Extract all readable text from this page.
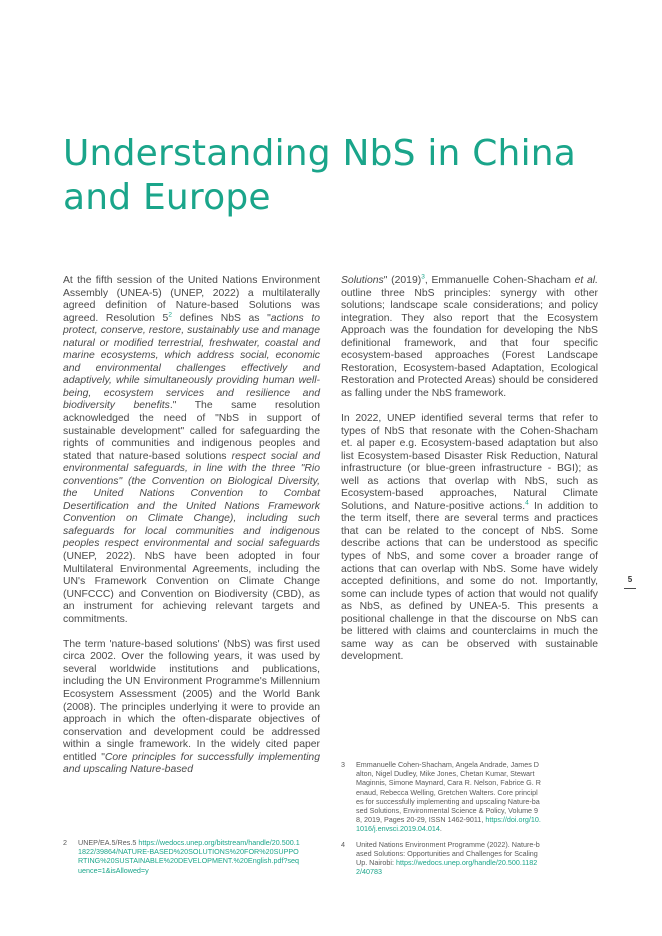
Understanding NbS in China
and Europe

At the fifth session of the United Nations Environment Assembly (UNEA-5) (UNEP, 2022) a multilaterally agreed definition of Nature-based Solutions was agreed. Resolution $5^2$ defines NbS as "actions to protect, conserve, restore, sustainably use and manage natural or modified terrestrial, freshwater, coastal and marine ecosystems, which address social, economic and environmental challenges effectively and adaptively, while simultaneously providing human well-being, ecosystem services and resilience and biodiversity benefits." The same resolution acknowledged the need of "NbS in support of sustainable development" called for safeguarding the rights of communities and indigenous peoples and stated that nature-based solutions respect social and environmental safeguards, in line with the three "Rio conventions" (the Convention on Biological Diversity, the United Nations Convention to Combat Desertification and the United Nations Framework Convention on Climate Change), including such safeguards for local communities and indigenous peoples respect environmental and social safeguards (UNEP, 2022). NbS have been adopted in four Multilateral Environmental Agreements, including the UN's Framework Convention on Climate Change (UNFCCC) and Convention on Biodiversity (CBD), as an instrument for achieving relevant targets and commitments.

The term 'nature-based solutions' (NbS) was first used circa 2002. Over the following years, it was used by several worldwide institutions and publications, including the UN Environment Programme's Millennium Ecosystem Assessment (2005) and the World Bank (2008). The principles underlying it were to provide an approach in which the often-disparate objectives of conservation and development could be addressed within a single framework. In the widely cited paper entitled "Core principles for successfully implementing and upscaling Nature-based

Solutions" $(2019)^3$, Emmanuelle Cohen-Shacham et al. outline three NbS principles: synergy with other solutions; landscape scale considerations; and policy integration. They also report that the Ecosystem Approach was the foundation for developing the NbS definitional framework, and that four specific ecosystem-based approaches (Forest Landscape Restoration, Ecosystem-based Adaptation, Ecological Restoration and Protected Areas) should be considered as falling under the NbS framework.

In 2022, UNEP identified several terms that refer to types of NbS that resonate with the Cohen-Shacham et. al paper e.g. Ecosystem-based adaptation but also list Ecosystem-based Disaster Risk Reduction, Natural infrastructure (or blue-green infrastructure - BGI); as well as actions that overlap with NbS, such as Ecosystem-based approaches, Natural Climate Solutions, and Nature-positive actions.$^4$ In addition to the term itself, there are several terms and practices that can be related to the concept of NbS. Some describe actions that can be understood as specific types of NbS, and some cover a broader range of actions that can overlap with NbS. Some have widely accepted definitions, and some do not. Importantly, some can include types of action that would not qualify as NbS, as defined by UNEA-5. This presents a positional challenge in that the discourse on NbS can be littered with claims and counterclaims in much the same way as can be observed with sustainable development.

3	Emmanuelle Cohen-Shacham, Angela Andrade, James Dalton, Nigel Dudley, Mike Jones, Chetan Kumar, Stewart Maginnis, Simone Maynard, Cara R. Nelson, Fabrice G. Renaud, Rebecca Welling, Gretchen Walters. Core principles for successfully implementing and upscaling Nature-based Solutions, Environmental Science & Policy, Volume 98, 2019, Pages 20-29, ISSN 1462-9011, https://doi.org/10.1016/j.envsci.2019.04.014.
4	United Nations Environment Programme (2022). Nature-based Solutions: Opportunities and Challenges for Scaling Up. Nairobi: https://wedocs.unep.org/handle/20.500.11822/40783
2	UNEP/EA.5/Res.5 https://wedocs.unep.org/bitstream/handle/20.500.11822/39864/NATURE-BASED%20SOLUTIONS%20FOR%20SUPPORTING%20SUSTAINABLE%20DEVELOPMENT.%20English.pdf?sequence=1&isAllowed=y
5
